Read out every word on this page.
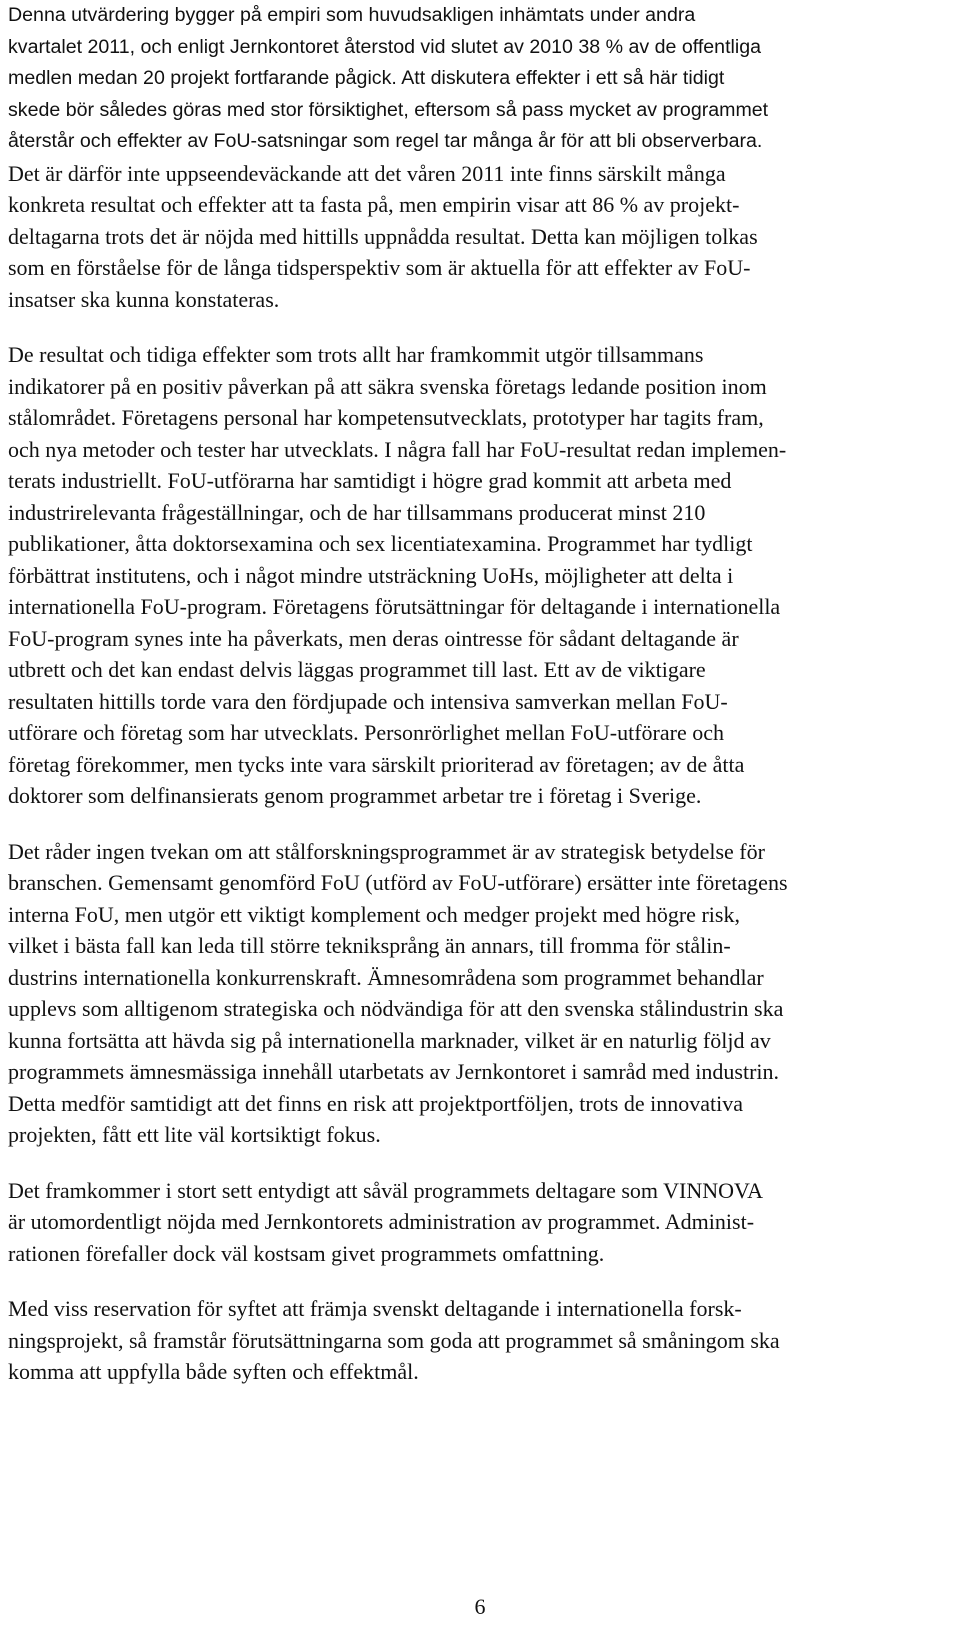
Denna utvärdering bygger på empiri som huvudsakligen inhämtats under andra
kvartalet 2011, och enligt Jernkontoret återstod vid slutet av 2010 38 % av de offentliga
medlen medan 20 projekt fortfarande pågick. Att diskutera effekter i ett så här tidigt
skede bör således göras med stor försiktighet, eftersom så pass mycket av programmet
återstår och effekter av FoU-satsningar som regel tar många år för att bli observerbara.
Det är därför inte uppseendeväckande att det våren 2011 inte finns särskilt många
konkreta resultat och effekter att ta fasta på, men empirin visar att 86 % av projekt-
deltagarna trots det är nöjda med hittills uppnådda resultat. Detta kan möjligen tolkas
som en förståelse för de långa tidsperspektiv som är aktuella för att effekter av FoU-
insatser ska kunna konstateras.
De resultat och tidiga effekter som trots allt har framkommit utgör tillsammans
indikatorer på en positiv påverkan på att säkra svenska företags ledande position inom
stålområdet. Företagens personal har kompetensutvecklats, prototyper har tagits fram,
och nya metoder och tester har utvecklats. I några fall har FoU-resultat redan implemen-
terats industriellt. FoU-utförarna har samtidigt i högre grad kommit att arbeta med
industrirelevanta frågeställningar, och de har tillsammans producerat minst 210
publikationer, åtta doktorsexamina och sex licentiatexamina. Programmet har tydligt
förbättrat institutens, och i något mindre utsträckning UoHs, möjligheter att delta i
internationella FoU-program. Företagens förutsättningar för deltagande i internationella
FoU-program synes inte ha påverkats, men deras ointresse för sådant deltagande är
utbrett och det kan endast delvis läggas programmet till last. Ett av de viktigare
resultaten hittills torde vara den fördjupade och intensiva samverkan mellan FoU-
utförare och företag som har utvecklats. Personrörlighet mellan FoU-utförare och
företag förekommer, men tycks inte vara särskilt prioriterad av företagen; av de åtta
doktorer som delfinansierats genom programmet arbetar tre i företag i Sverige.
Det råder ingen tvekan om att stålforskningsprogrammet är av strategisk betydelse för
branschen. Gemensamt genomförd FoU (utförd av FoU-utförare) ersätter inte företagens
interna FoU, men utgör ett viktigt komplement och medger projekt med högre risk,
vilket i bästa fall kan leda till större tekniksprång än annars, till fromma för stålin-
dustrins internationella konkurrenskraft. Ämnesområdena som programmet behandlar
upplevs som alltigenom strategiska och nödvändiga för att den svenska stålindustrin ska
kunna fortsätta att hävda sig på internationella marknader, vilket är en naturlig följd av
programmets ämnesmässiga innehåll utarbetats av Jernkontoret i samråd med industrin.
Detta medför samtidigt att det finns en risk att projektportföljen, trots de innovativa
projekten, fått ett lite väl kortsiktigt fokus.
Det framkommer i stort sett entydigt att såväl programmets deltagare som VINNOVA
är utomordentligt nöjda med Jernkontorets administration av programmet. Administ-
rationen förefaller dock väl kostsam givet programmets omfattning.
Med viss reservation för syftet att främja svenskt deltagande i internationella forsk-
ningsprojekt, så framstår förutsättningarna som goda att programmet så småningom ska
komma att uppfylla både syften och effektmål.
6
